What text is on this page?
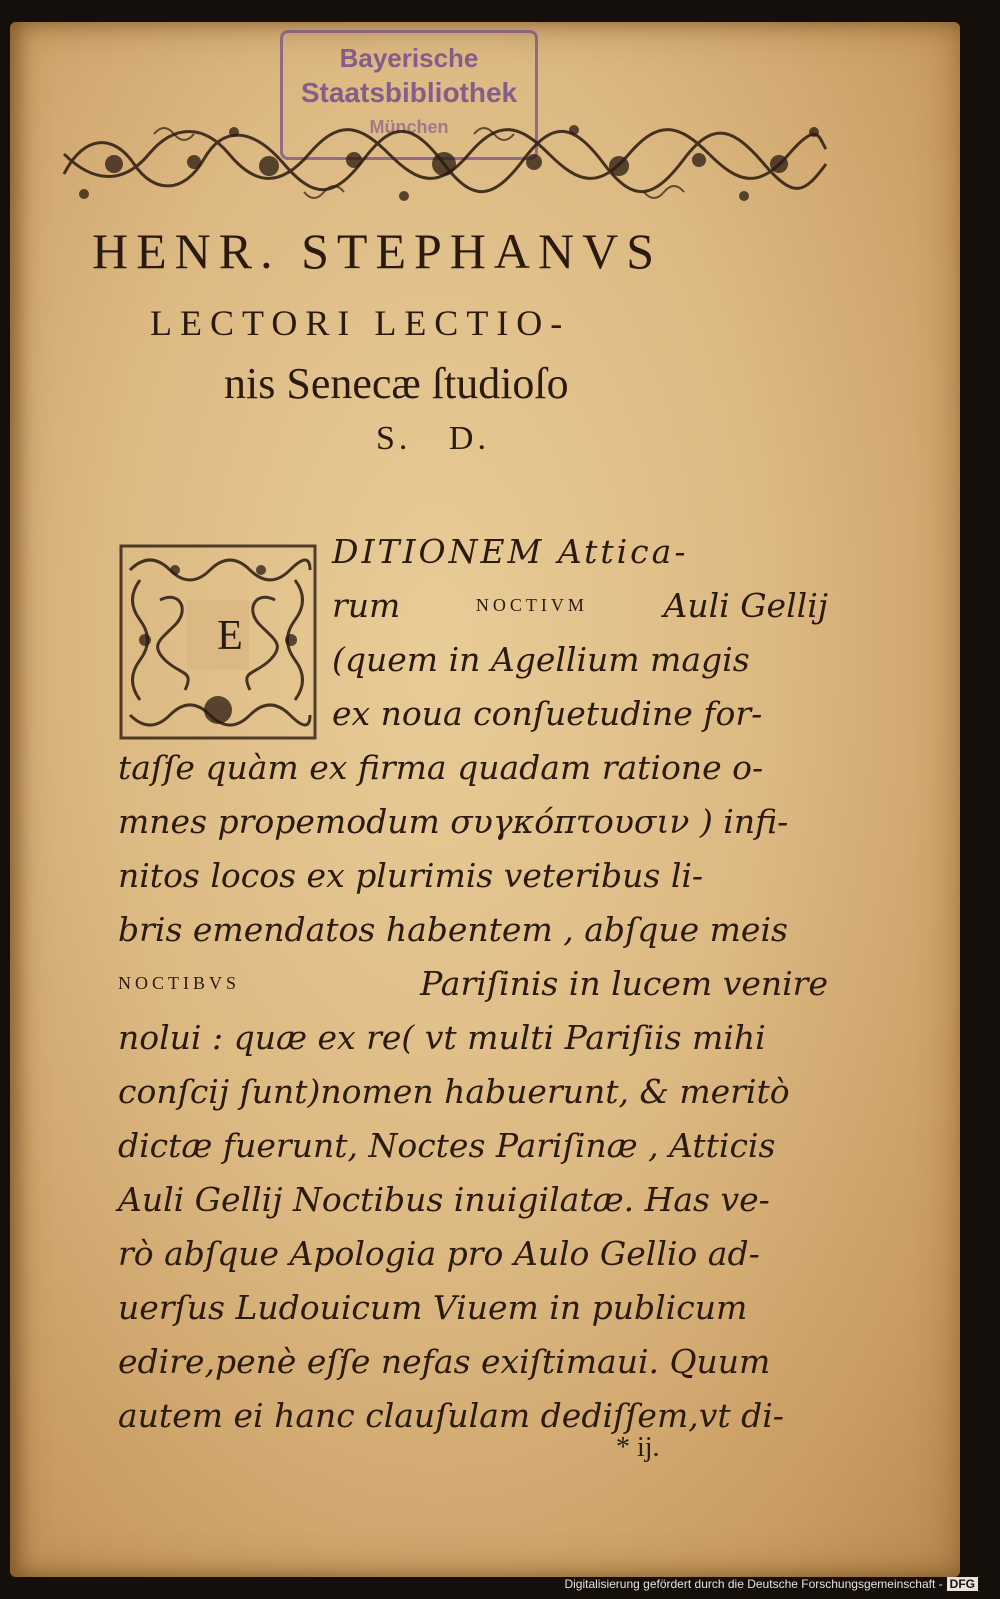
Bayerische
Staatsbibliothek
München
HENR. STEPHANVS
LECTORI LECTIO-
nis Senecæ ſtudioſo
S.   D.
E
DITIONEM Attica-
rum	NOCTIVM Auli Gellij
(quem in Agellium magis
ex noua conſuetudine for-
taſſe quàm ex firma quadam ratione o-
mnes propemodum συγκόπτουσιν ) infi-
nitos locos ex plurimis veteribus li-
bris emendatos habentem , abſque meis
NOCTIBVS	Pariſinis in lucem venire
nolui : quæ ex re( vt multi Pariſiis mihi
conſcij ſunt)nomen habuerunt, & meritò
dictæ fuerunt, Noctes Pariſinæ , Atticis
Auli Gellij Noctibus inuigilatæ. Has ve-
rò abſque Apologia pro Aulo Gellio ad-
uerſus Ludouicum Viuem in publicum
edire,penè eſſe nefas exiſtimaui. Quum
autem ei hanc clauſulam dediſſem,vt di-
* ij.
Digitalisierung gefördert durch die Deutsche Forschungsgemeinschaft - DFG
